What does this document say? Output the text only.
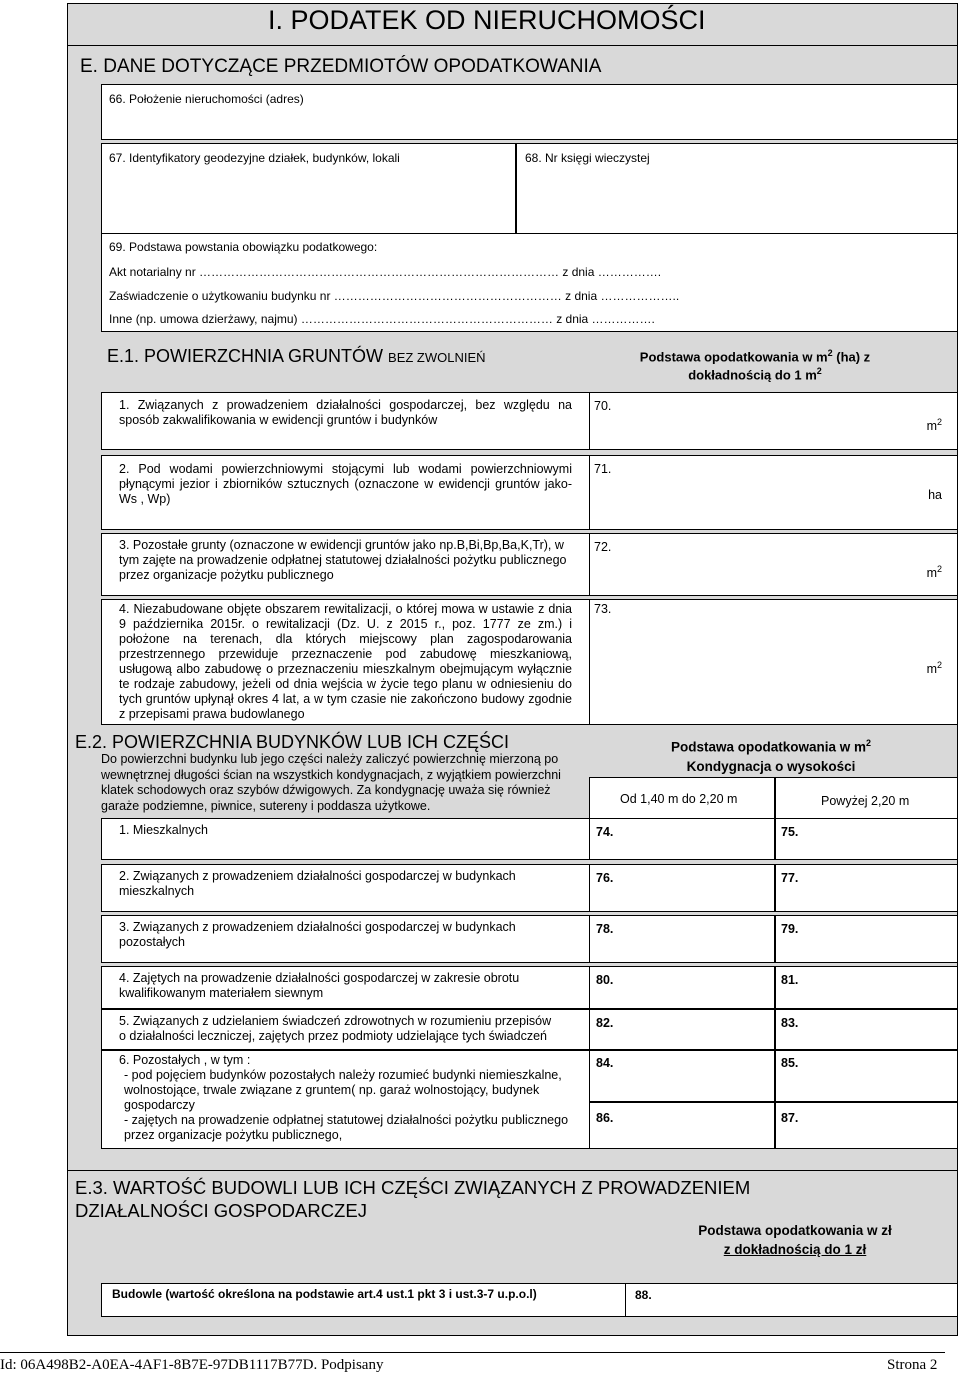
I. PODATEK OD NIERUCHOMOŚCI
E. DANE DOTYCZĄCE PRZEDMIOTÓW OPODATKOWANIA
66. Położenie nieruchomości (adres)
67. Identyfikatory geodezyjne działek, budynków, lokali	68. Nr księgi wieczystej
69. Podstawa powstania obowiązku podatkowego:
Akt notarialny nr ……………………………………………………………………………… z dnia …………….
Zaświadczenie o użytkowaniu budynku nr ………………………………………………… z dnia ………………..
Inne (np. umowa dzierżawy, najmu) ……………………………………………………… z dnia …………….
E.1. POWIERZCHNIA GRUNTÓW BEZ ZWOLNIEŃ	Podstawa opodatkowania w $m^2$ (ha) z
dokładnością do 1 $m^2$
1. Związanych z prowadzeniem działalności gospodarczej, bez względu na sposób zakwalifikowania w ewidencji gruntów i budynków
70.
$m^2$
2. Pod wodami powierzchniowymi stojącymi lub wodami powierzchniowymi płynącymi jezior i zbiorników sztucznych (oznaczone w ewidencji gruntów jako-Ws , Wp)
71.
ha
3. Pozostałe grunty (oznaczone w ewidencji gruntów jako np.B,Bi,Bp,Ba,K,Tr), w tym zajęte na prowadzenie odpłatnej statutowej działalności pożytku publicznego przez organizacje pożytku publicznego
72.
$m^2$
4. Niezabudowane objęte obszarem rewitalizacji, o której mowa w ustawie z dnia 9 października 2015r. o rewitalizacji (Dz. U. z 2015 r., poz. 1777 ze zm.) i położone na terenach, dla których miejscowy plan zagospodarowania przestrzennego przewiduje przeznaczenie pod zabudowę mieszkaniową, usługową albo zabudowę o przeznaczeniu mieszkalnym obejmującym wyłącznie te rodzaje zabudowy, jeżeli od dnia wejścia w życie tego planu w odniesieniu do tych gruntów upłynął okres 4 lat, a w tym czasie nie zakończono budowy zgodnie z przepisami prawa budowlanego
73.
$m^2$
E.2. POWIERZCHNIA BUDYNKÓW LUB ICH CZĘŚCI
Do powierzchni budynku lub jego części należy zaliczyć powierzchnię mierzoną po wewnętrznej długości ścian na wszystkich kondygnacjach, z wyjątkiem powierzchni klatek schodowych oraz szybów dźwigowych. Za kondygnację uważa się również garaże podziemne, piwnice, sutereny i poddasza użytkowe.
Podstawa opodatkowania w $m^2$
Kondygnacja o wysokości
Od 1,40 m do 2,20 m	Powyżej 2,20 m
1. Mieszkalnych	74.	75.
2. Związanych z prowadzeniem działalności gospodarczej w budynkach mieszkalnych
76.	77.
3. Związanych z prowadzeniem działalności gospodarczej w budynkach pozostałych
78.	79.
4. Zajętych na prowadzenie działalności gospodarczej w zakresie obrotu kwalifikowanym materiałem siewnym
80.	81.
5. Związanych z udzielaniem świadczeń zdrowotnych w rozumieniu przepisów o działalności leczniczej, zajętych przez podmioty udzielające tych świadczeń
82.	83.
6. Pozostałych , w tym :
- pod pojęciem budynków pozostałych należy rozumieć budynki niemieszkalne, wolnostojące, trwale związane z gruntem( np. garaż wolnostojący, budynek gospodarczy
- zajętych na prowadzenie odpłatnej statutowej działalności pożytku publicznego przez organizacje pożytku publicznego,
84.	85.
86.	87.
E.3. WARTOŚĆ BUDOWLI LUB ICH CZĘŚCI ZWIĄZANYCH Z PROWADZENIEM
DZIAŁALNOŚCI GOSPODARCZEJ
Podstawa opodatkowania w zł
z dokładnością do 1 zł
Budowle (wartość określona na podstawie art.4 ust.1 pkt 3 i ust.3-7 u.p.o.l)	88.
Id: 06A498B2-A0EA-4AF1-8B7E-97DB1117B77D. Podpisany	Strona 2
